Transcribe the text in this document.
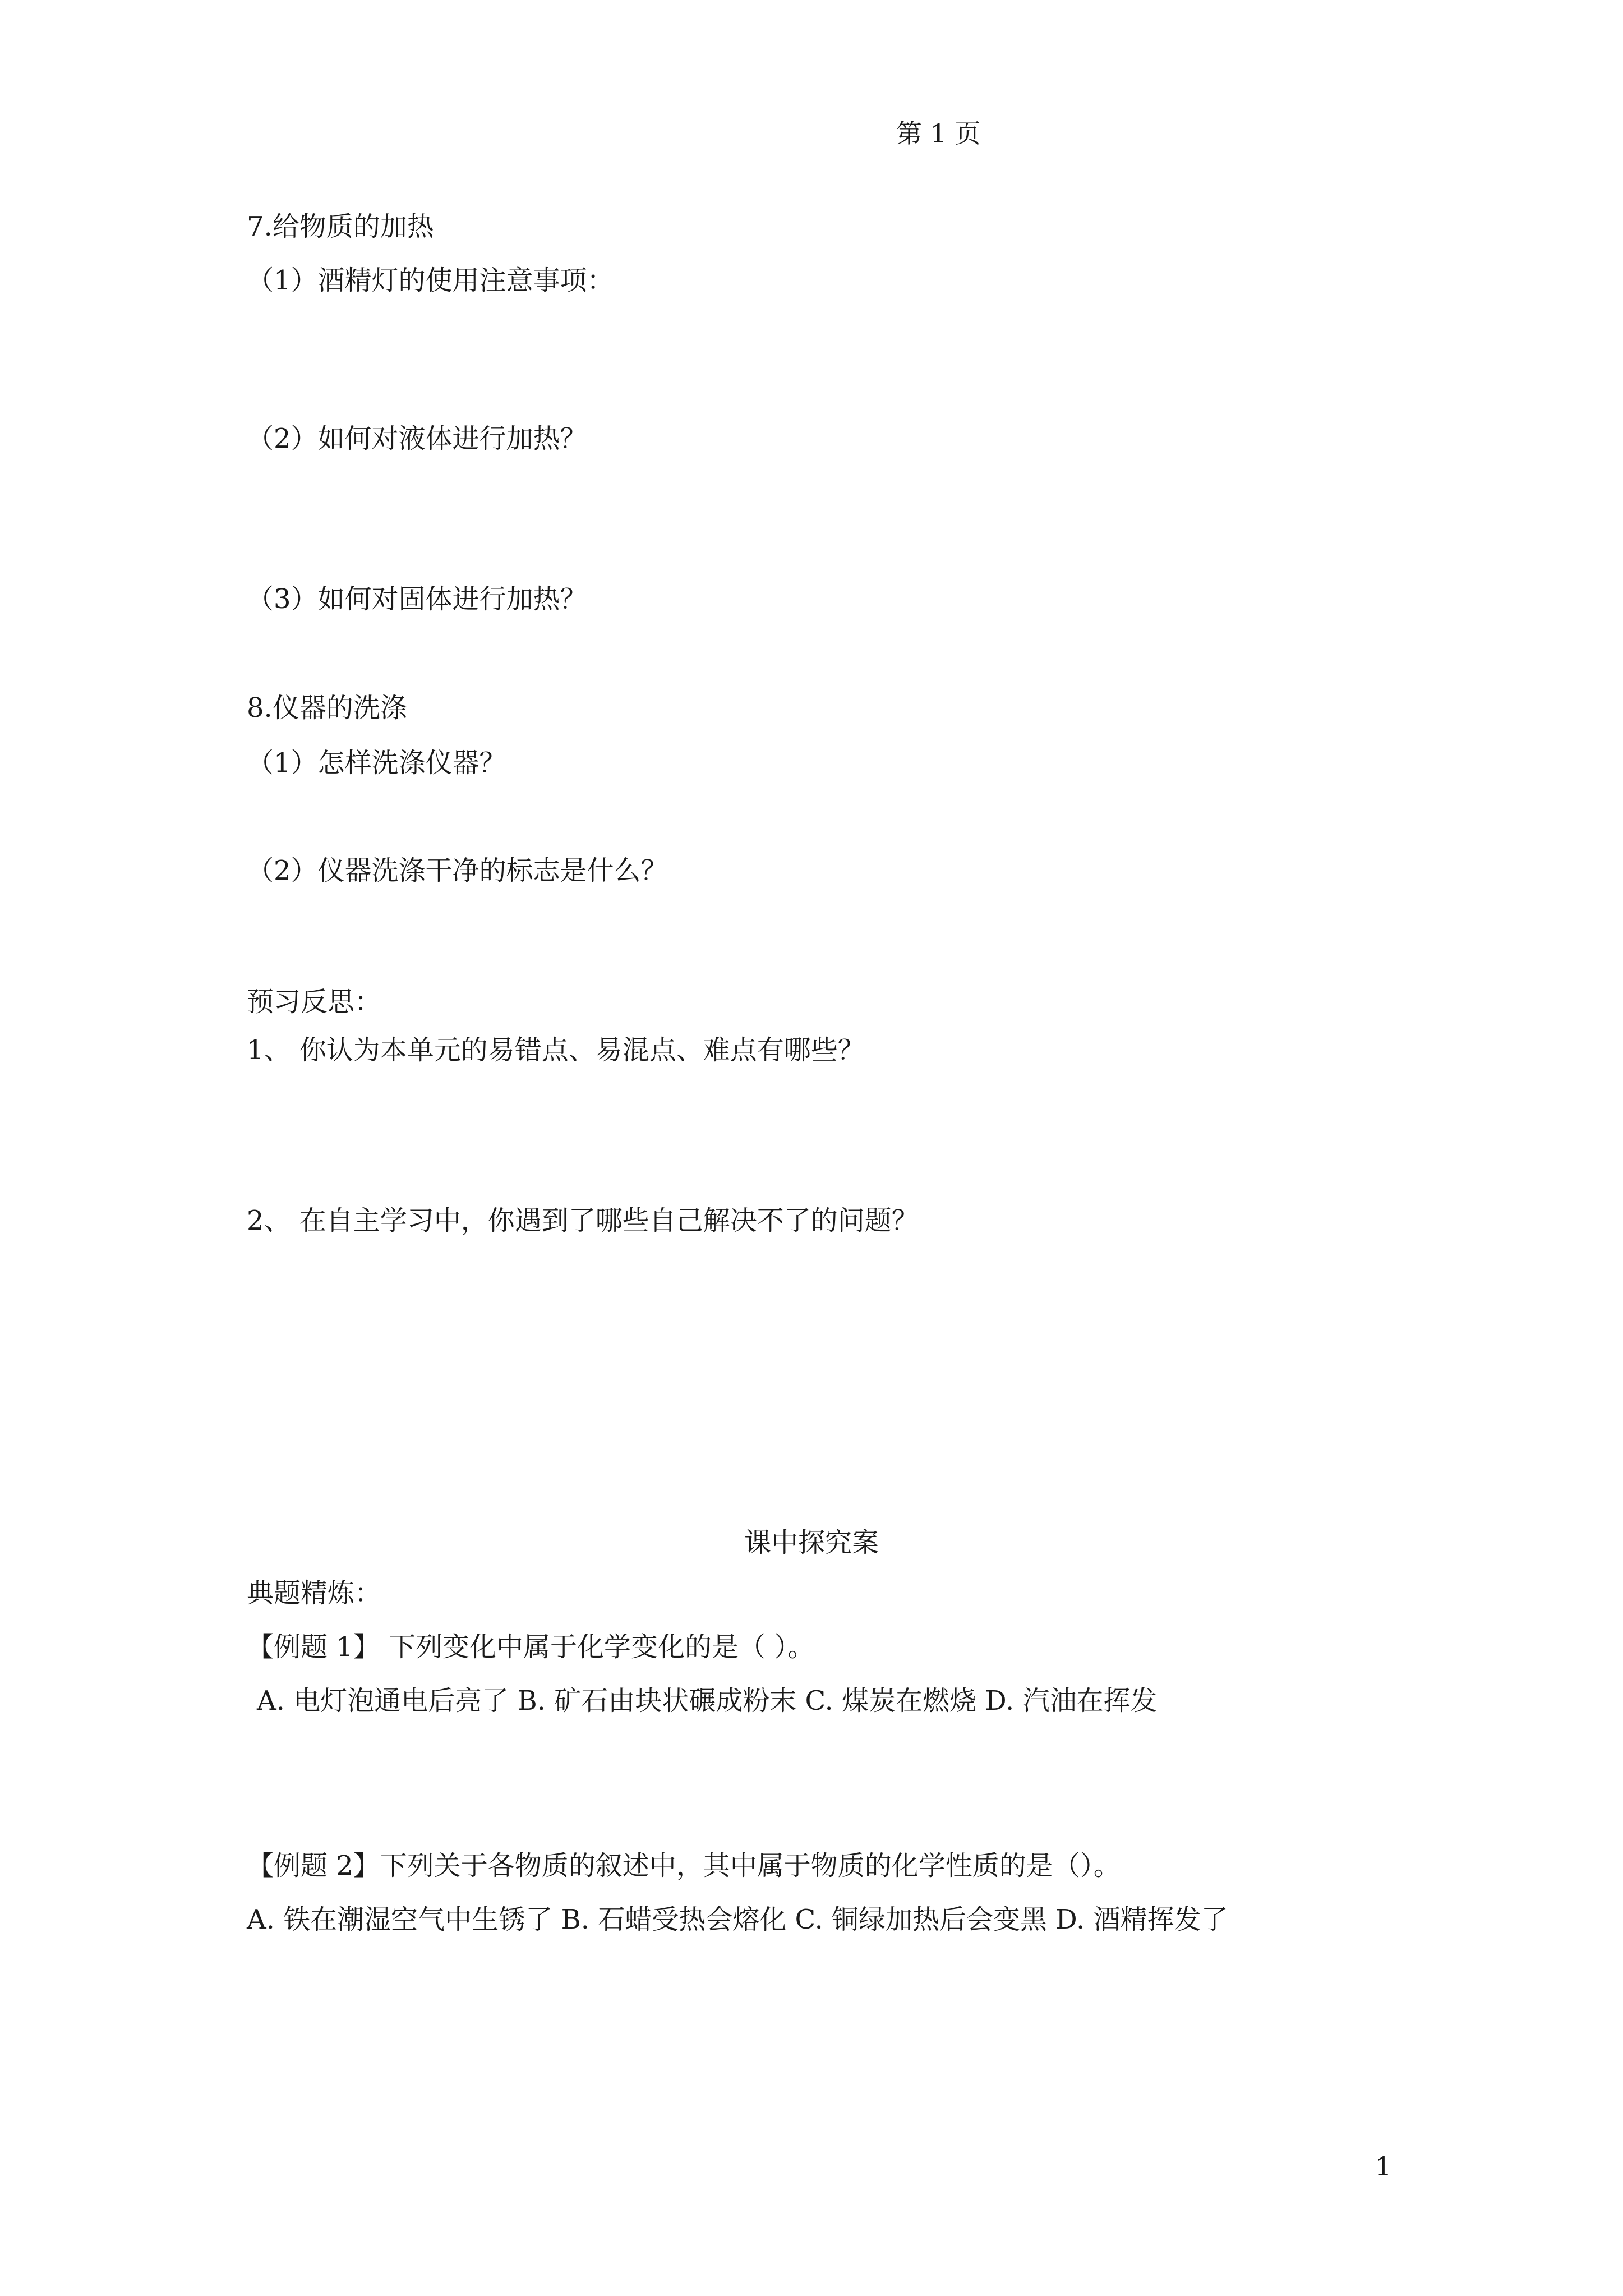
第 1 页
7.给物质的加热
（1）酒精灯的使用注意事项：
（2）如何对液体进行加热？
（3）如何对固体进行加热？
8.仪器的洗涤
（1）怎样洗涤仪器？
（2）仪器洗涤干净的标志是什么？
预习反思：
1、 你认为本单元的易错点、易混点、难点有哪些？
2、 在自主学习中，你遇到了哪些自己解决不了的问题？
课中探究案
典题精炼：
【例题 1】 下列变化中属于化学变化的是（ ）。
A. 电灯泡通电后亮了 B. 矿石由块状碾成粉末 C. 煤炭在燃烧 D. 汽油在挥发
【例题 2】下列关于各物质的叙述中，其中属于物质的化学性质的是（）。
A. 铁在潮湿空气中生锈了 B. 石蜡受热会熔化 C. 铜绿加热后会变黑 D. 酒精挥发了
1
